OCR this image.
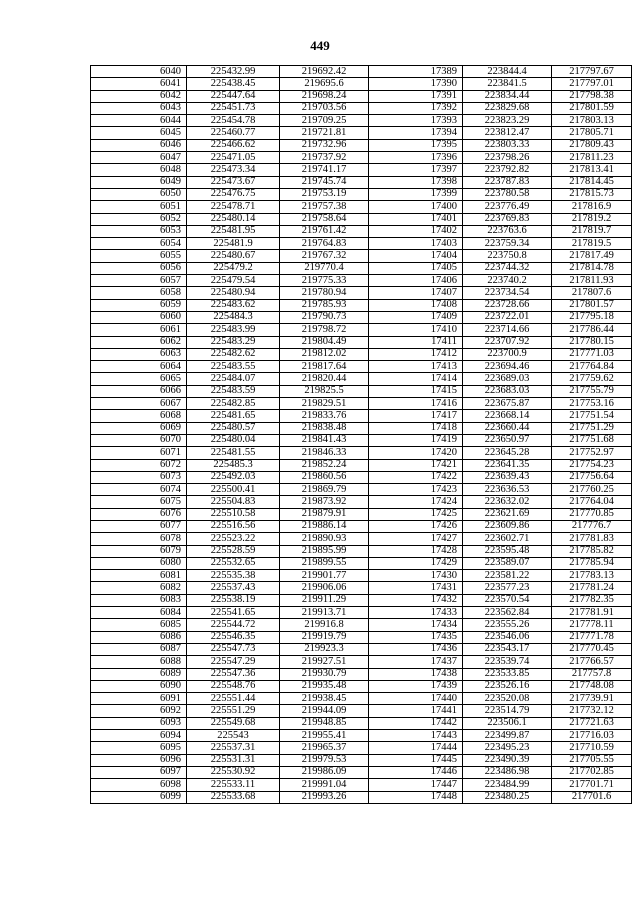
449
6040	225432.99	219692.42	17389	223844.4	217797.67
6041	225438.45	219695.6	17390	223841.5	217797.01
6042	225447.64	219698.24	17391	223834.44	217798.38
6043	225451.73	219703.56	17392	223829.68	217801.59
6044	225454.78	219709.25	17393	223823.29	217803.13
6045	225460.77	219721.81	17394	223812.47	217805.71
6046	225466.62	219732.96	17395	223803.33	217809.43
6047	225471.05	219737.92	17396	223798.26	217811.23
6048	225473.34	219741.17	17397	223792.82	217813.41
6049	225473.67	219745.74	17398	223787.83	217814.45
6050	225476.75	219753.19	17399	223780.58	217815.73
6051	225478.71	219757.38	17400	223776.49	217816.9
6052	225480.14	219758.64	17401	223769.83	217819.2
6053	225481.95	219761.42	17402	223763.6	217819.7
6054	225481.9	219764.83	17403	223759.34	217819.5
6055	225480.67	219767.32	17404	223750.8	217817.49
6056	225479.2	219770.4	17405	223744.32	217814.78
6057	225479.54	219775.33	17406	223740.2	217811.93
6058	225480.94	219780.94	17407	223734.54	217807.6
6059	225483.62	219785.93	17408	223728.66	217801.57
6060	225484.3	219790.73	17409	223722.01	217795.18
6061	225483.99	219798.72	17410	223714.66	217786.44
6062	225483.29	219804.49	17411	223707.92	217780.15
6063	225482.62	219812.02	17412	223700.9	217771.03
6064	225483.55	219817.64	17413	223694.46	217764.84
6065	225484.07	219820.44	17414	223689.03	217759.62
6066	225483.59	219825.5	17415	223683.03	217755.79
6067	225482.85	219829.51	17416	223675.87	217753.16
6068	225481.65	219833.76	17417	223668.14	217751.54
6069	225480.57	219838.48	17418	223660.44	217751.29
6070	225480.04	219841.43	17419	223650.97	217751.68
6071	225481.55	219846.33	17420	223645.28	217752.97
6072	225485.3	219852.24	17421	223641.35	217754.23
6073	225492.03	219860.56	17422	223639.43	217756.64
6074	225500.41	219869.79	17423	223636.53	217760.25
6075	225504.83	219873.92	17424	223632.02	217764.04
6076	225510.58	219879.91	17425	223621.69	217770.85
6077	225516.56	219886.14	17426	223609.86	217776.7
6078	225523.22	219890.93	17427	223602.71	217781.83
6079	225528.59	219895.99	17428	223595.48	217785.82
6080	225532.65	219899.55	17429	223589.07	217785.94
6081	225535.38	219901.77	17430	223581.22	217783.13
6082	225537.43	219906.06	17431	223577.23	217781.24
6083	225538.19	219911.29	17432	223570.54	217782.35
6084	225541.65	219913.71	17433	223562.84	217781.91
6085	225544.72	219916.8	17434	223555.26	217778.11
6086	225546.35	219919.79	17435	223546.06	217771.78
6087	225547.73	219923.3	17436	223543.17	217770.45
6088	225547.29	219927.51	17437	223539.74	217766.57
6089	225547.36	219930.79	17438	223533.85	217757.8
6090	225548.76	219935.48	17439	223526.16	217748.08
6091	225551.44	219938.45	17440	223520.08	217739.91
6092	225551.29	219944.09	17441	223514.79	217732.12
6093	225549.68	219948.85	17442	223506.1	217721.63
6094	225543	219955.41	17443	223499.87	217716.03
6095	225537.31	219965.37	17444	223495.23	217710.59
6096	225531.31	219979.53	17445	223490.39	217705.55
6097	225530.92	219986.09	17446	223486.98	217702.85
6098	225533.11	219991.04	17447	223484.99	217701.71
6099	225533.68	219993.26	17448	223480.25	217701.6
